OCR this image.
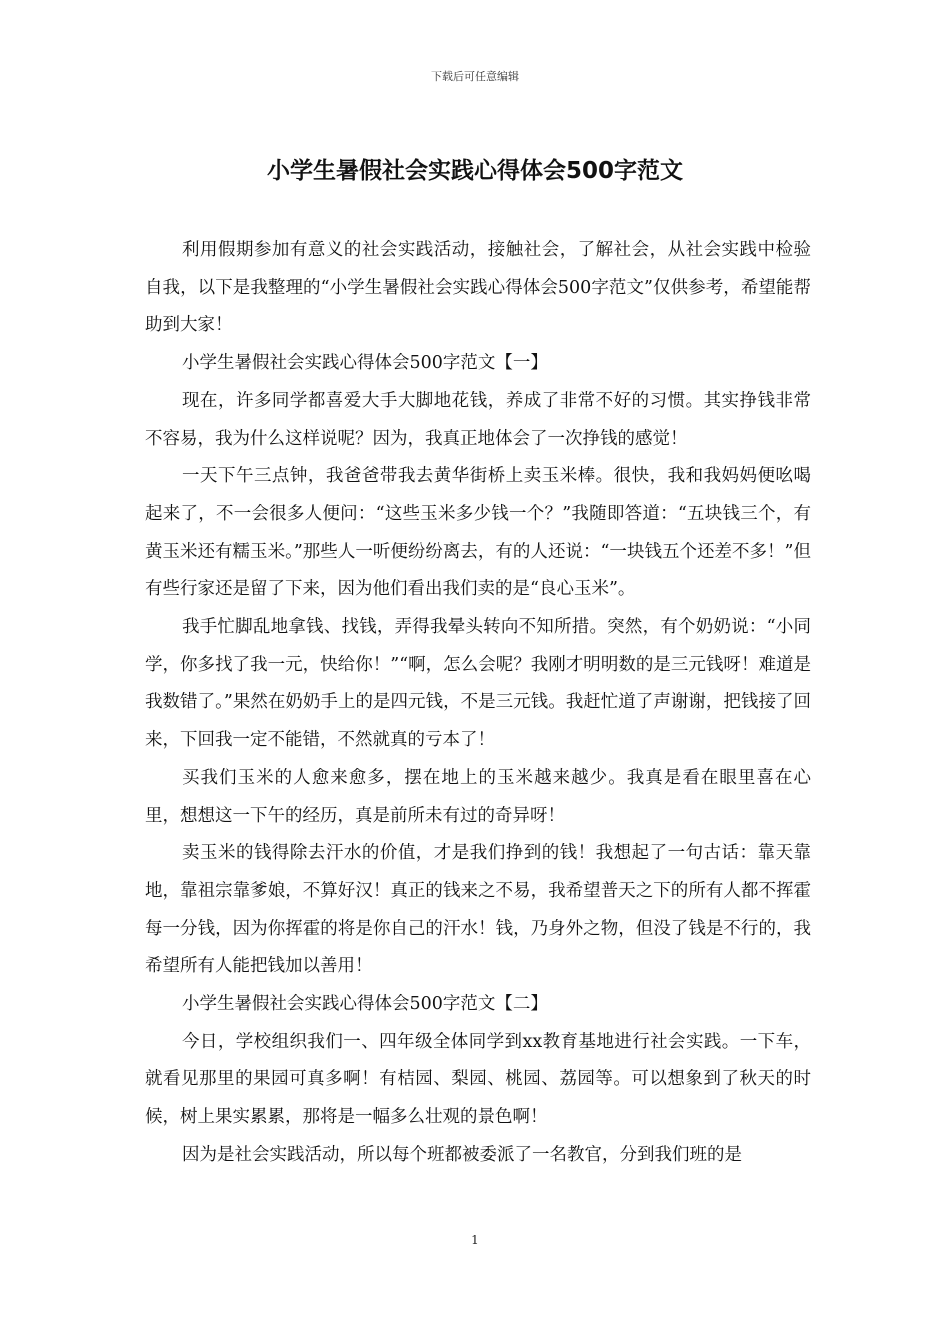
下载后可任意编辑
小学生暑假社会实践心得体会500字范文

利用假期参加有意义的社会实践活动，接触社会，了解社会，从社会实践中检验自我，以下是我整理的“小学生暑假社会实践心得体会500字范文”仅供参考，希望能帮助到大家！

小学生暑假社会实践心得体会500字范文【一】

现在，许多同学都喜爱大手大脚地花钱，养成了非常不好的习惯。其实挣钱非常不容易，我为什么这样说呢？因为，我真正地体会了一次挣钱的感觉！

一天下午三点钟，我爸爸带我去黄华街桥上卖玉米棒。很快，我和我妈妈便吆喝起来了，不一会很多人便问：“这些玉米多少钱一个？”我随即答道：“五块钱三个，有黄玉米还有糯玉米。”那些人一听便纷纷离去，有的人还说：“一块钱五个还差不多！”但有些行家还是留了下来，因为他们看出我们卖的是“良心玉米”。

我手忙脚乱地拿钱、找钱，弄得我晕头转向不知所措。突然，有个奶奶说：“小同学，你多找了我一元，快给你！”“啊，怎么会呢？我刚才明明数的是三元钱呀！难道是我数错了。”果然在奶奶手上的是四元钱，不是三元钱。我赶忙道了声谢谢，把钱接了回来，下回我一定不能错，不然就真的亏本了！

买我们玉米的人愈来愈多，摆在地上的玉米越来越少。我真是看在眼里喜在心里，想想这一下午的经历，真是前所未有过的奇异呀！

卖玉米的钱得除去汗水的价值，才是我们挣到的钱！我想起了一句古话：靠天靠地，靠祖宗靠爹娘，不算好汉！真正的钱来之不易，我希望普天之下的所有人都不挥霍每一分钱，因为你挥霍的将是你自己的汗水！钱，乃身外之物，但没了钱是不行的，我希望所有人能把钱加以善用！

小学生暑假社会实践心得体会500字范文【二】

今日，学校组织我们一、四年级全体同学到xx教育基地进行社会实践。一下车，就看见那里的果园可真多啊！有桔园、梨园、桃园、荔园等。可以想象到了秋天的时候，树上果实累累，那将是一幅多么壮观的景色啊！

因为是社会实践活动，所以每个班都被委派了一名教官，分到我们班的是

1
